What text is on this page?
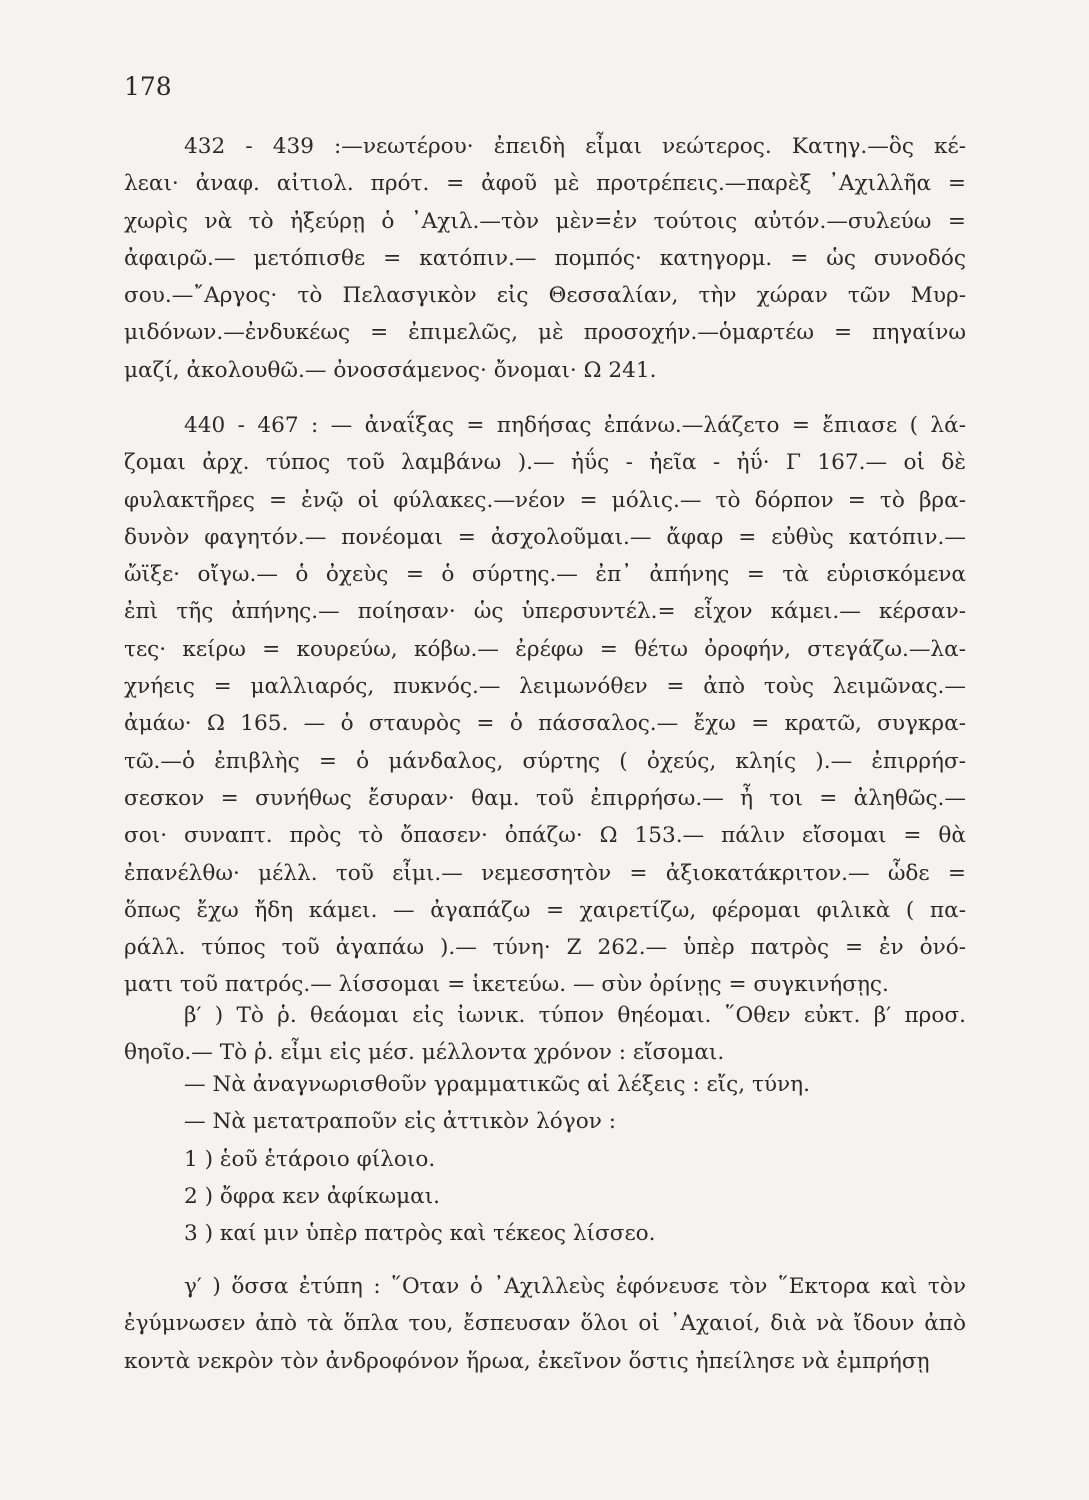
178
432 - 439 :—νεωτέρου· ἐπειδὴ εἶμαι νεώτερος. Κατηγ.—ὃς κέ-
λεαι· ἀναφ. αἰτιολ. πρότ. = ἀφοῦ μὲ προτρέπεις.—παρὲξ ᾿Αχιλλῆα =
χωρὶς νὰ τὸ ἠξεύρῃ ὁ ᾿Αχιλ.—τὸν μὲν=ἐν τούτοις αὐτόν.—συλεύω =
ἀφαιρῶ.— μετόπισθε = κατόπιν.— πομπός· κατηγορμ. = ὡς συνοδός
σου.—῎Αργος· τὸ Πελασγικὸν εἰς Θεσσαλίαν, τὴν χώραν τῶν Μυρ-
μιδόνων.—ἐνδυκέως = ἐπιμελῶς, μὲ προσοχήν.—ὁμαρτέω = πηγαίνω
μαζί, ἀκολουθῶ.— ὀνοσσάμενος· ὄνομαι· Ω 241.
440 - 467 : — ἀναΐξας = πηδήσας ἐπάνω.—λάζετο = ἔπιασε ( λά-
ζομαι ἀρχ. τύπος τοῦ λαμβάνω ).— ἠΰς - ἠεῖα - ἠΰ· Γ 167.— οἱ δὲ
φυλακτῆρες = ἐνῷ οἱ φύλακες.—νέον = μόλις.— τὸ δόρπον = τὸ βρα-
δυνὸν φαγητόν.— πονέομαι = ἀσχολοῦμαι.— ἄφαρ = εὐθὺς κατόπιν.—
ὤϊξε· οἴγω.— ὁ ὀχεὺς = ὁ σύρτης.— ἐπ᾿ ἀπήνης = τὰ εὑρισκόμενα
ἐπὶ τῆς ἀπήνης.— ποίησαν· ὡς ὑπερσυντέλ.= εἶχον κάμει.— κέρσαν-
τες· κείρω = κουρεύω, κόβω.— ἐρέφω = θέτω ὀροφήν, στεγάζω.—λα-
χνήεις = μαλλιαρός, πυκνός.— λειμωνόθεν = ἀπὸ τοὺς λειμῶνας.—
ἀμάω· Ω 165. — ὁ σταυρὸς = ὁ πάσσαλος.— ἔχω = κρατῶ, συγκρα-
τῶ.—ὁ ἐπιβλὴς = ὁ μάνδαλος, σύρτης ( ὀχεύς, κληίς ).— ἐπιρρήσ-
σεσκον = συνήθως ἔσυραν· θαμ. τοῦ ἐπιρρήσω.— ἦ τοι = ἀληθῶς.—
σοι· συναπτ. πρὸς τὸ ὄπασεν· ὀπάζω· Ω 153.— πάλιν εἴσομαι = θὰ
ἐπανέλθω· μέλλ. τοῦ εἶμι.— νεμεσσητὸν = ἀξιοκατάκριτον.— ὧδε =
ὅπως ἔχω ἤδη κάμει. — ἀγαπάζω = χαιρετίζω, φέρομαι φιλικὰ ( πα-
ράλλ. τύπος τοῦ ἀγαπάω ).— τύνη· Ζ 262.— ὑπὲρ πατρὸς = ἐν ὀνό-
ματι τοῦ πατρός.— λίσσομαι = ἱκετεύω. — σὺν ὀρίνῃς = συγκινήσῃς.
β′ ) Τὸ ῥ. θεάομαι εἰς ἰωνικ. τύπον θηέομαι. ῞Οθεν εὐκτ. β′ προσ.
θηοῖο.— Τὸ ῥ. εἶμι εἰς μέσ. μέλλοντα χρόνον : εἴσομαι.
— Νὰ ἀναγνωρισθοῦν γραμματικῶς αἱ λέξεις : εἴς, τύνη.
— Νὰ μετατραποῦν εἰς ἀττικὸν λόγον :
1 ) ἑοῦ ἑτάροιο φίλοιο.
2 ) ὄφρα κεν ἀφίκωμαι.
3 ) καί μιν ὑπὲρ πατρὸς καὶ τέκεος λίσσεο.
γ′ ) ὅσσα ἐτύπη : ῞Οταν ὁ ᾿Αχιλλεὺς ἐφόνευσε τὸν ῞Εκτορα καὶ τὸν
ἐγύμνωσεν ἀπὸ τὰ ὅπλα του, ἔσπευσαν ὅλοι οἱ ᾿Αχαιοί, διὰ νὰ ἴδουν ἀπὸ
κοντὰ νεκρὸν τὸν ἀνδροφόνον ἥρωα, ἐκεῖνον ὅστις ἠπείλησε νὰ ἐμπρήσῃ
